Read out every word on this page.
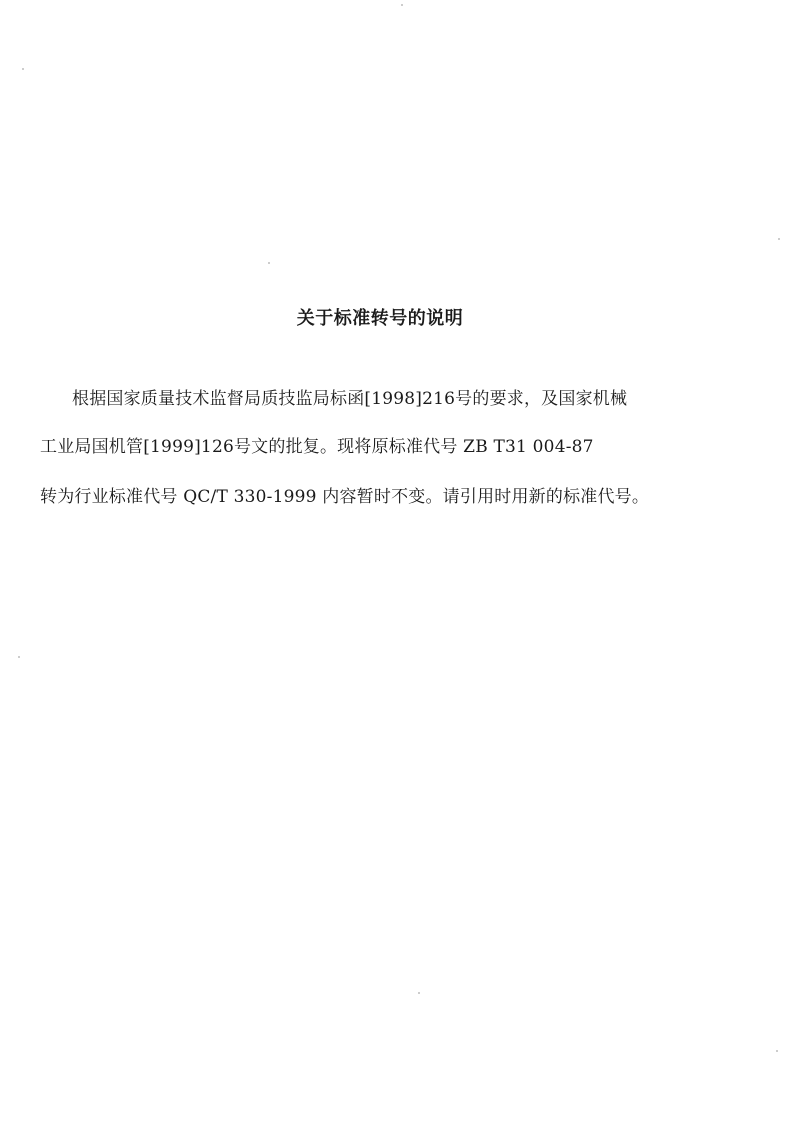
关于标准转号的说明
根据国家质量技术监督局质技监局标函[1998]216号的要求，及国家机械
工业局国机管[1999]126号文的批复。现将原标准代号 ZB T31 004-87
转为行业标准代号 QC/T 330-1999 内容暂时不变。请引用时用新的标准代号。
